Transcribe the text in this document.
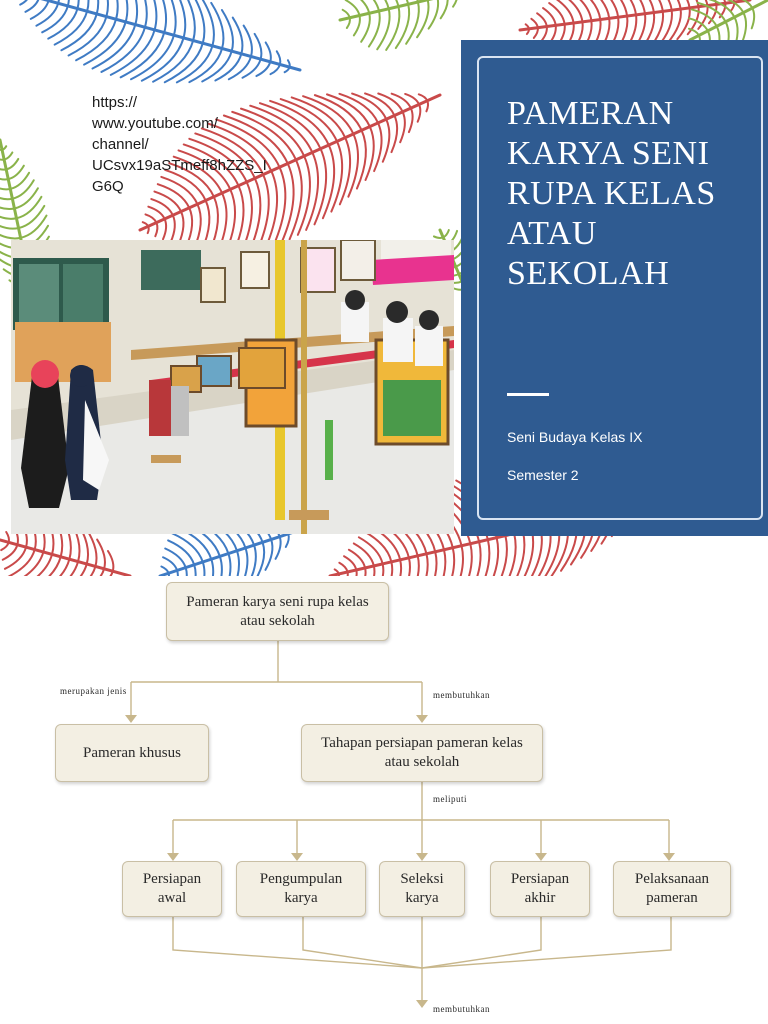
https://
www.youtube.com/
channel/
UCsvx19aSTmeff8hZZS_I
G6Q
PAMERAN
KARYA SENI
RUPA KELAS
ATAU
SEKOLAH
Seni Budaya Kelas IX
Semester 2
Pameran karya seni rupa kelas atau sekolah
merupakan jenis	membutuhkan
Pameran khusus
Tahapan persiapan pameran kelas atau sekolah
meliputi
Persiapan awal
Pengumpulan karya
Seleksi karya
Persiapan akhir
Pelaksanaan pameran
membutuhkan
